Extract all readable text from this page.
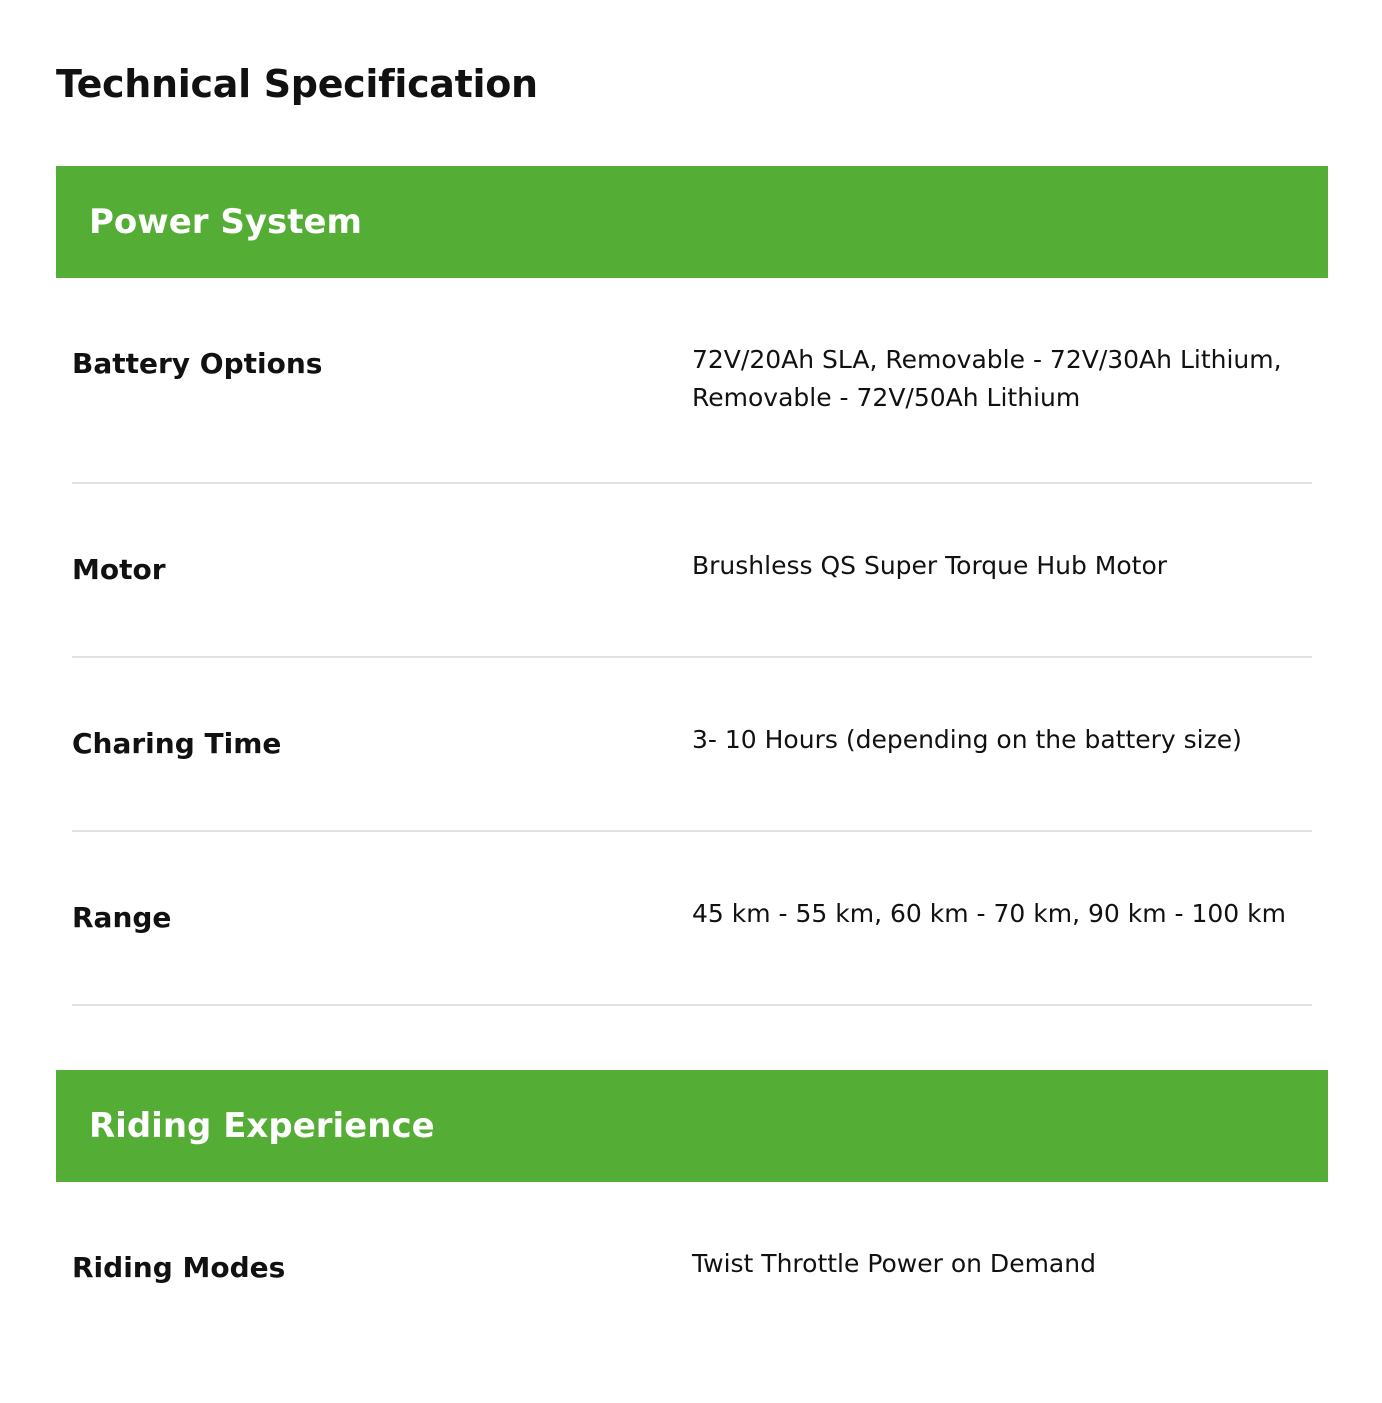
Technical Specification
Power System
Battery Options	72V/20Ah SLA, Removable - 72V/30Ah Lithium, Removable - 72V/50Ah Lithium
Motor	Brushless QS Super Torque Hub Motor
Charing Time	3- 10 Hours (depending on the battery size)
Range	45 km - 55 km, 60 km - 70 km, 90 km - 100 km
Riding Experience
Riding Modes	Twist Throttle Power on Demand
